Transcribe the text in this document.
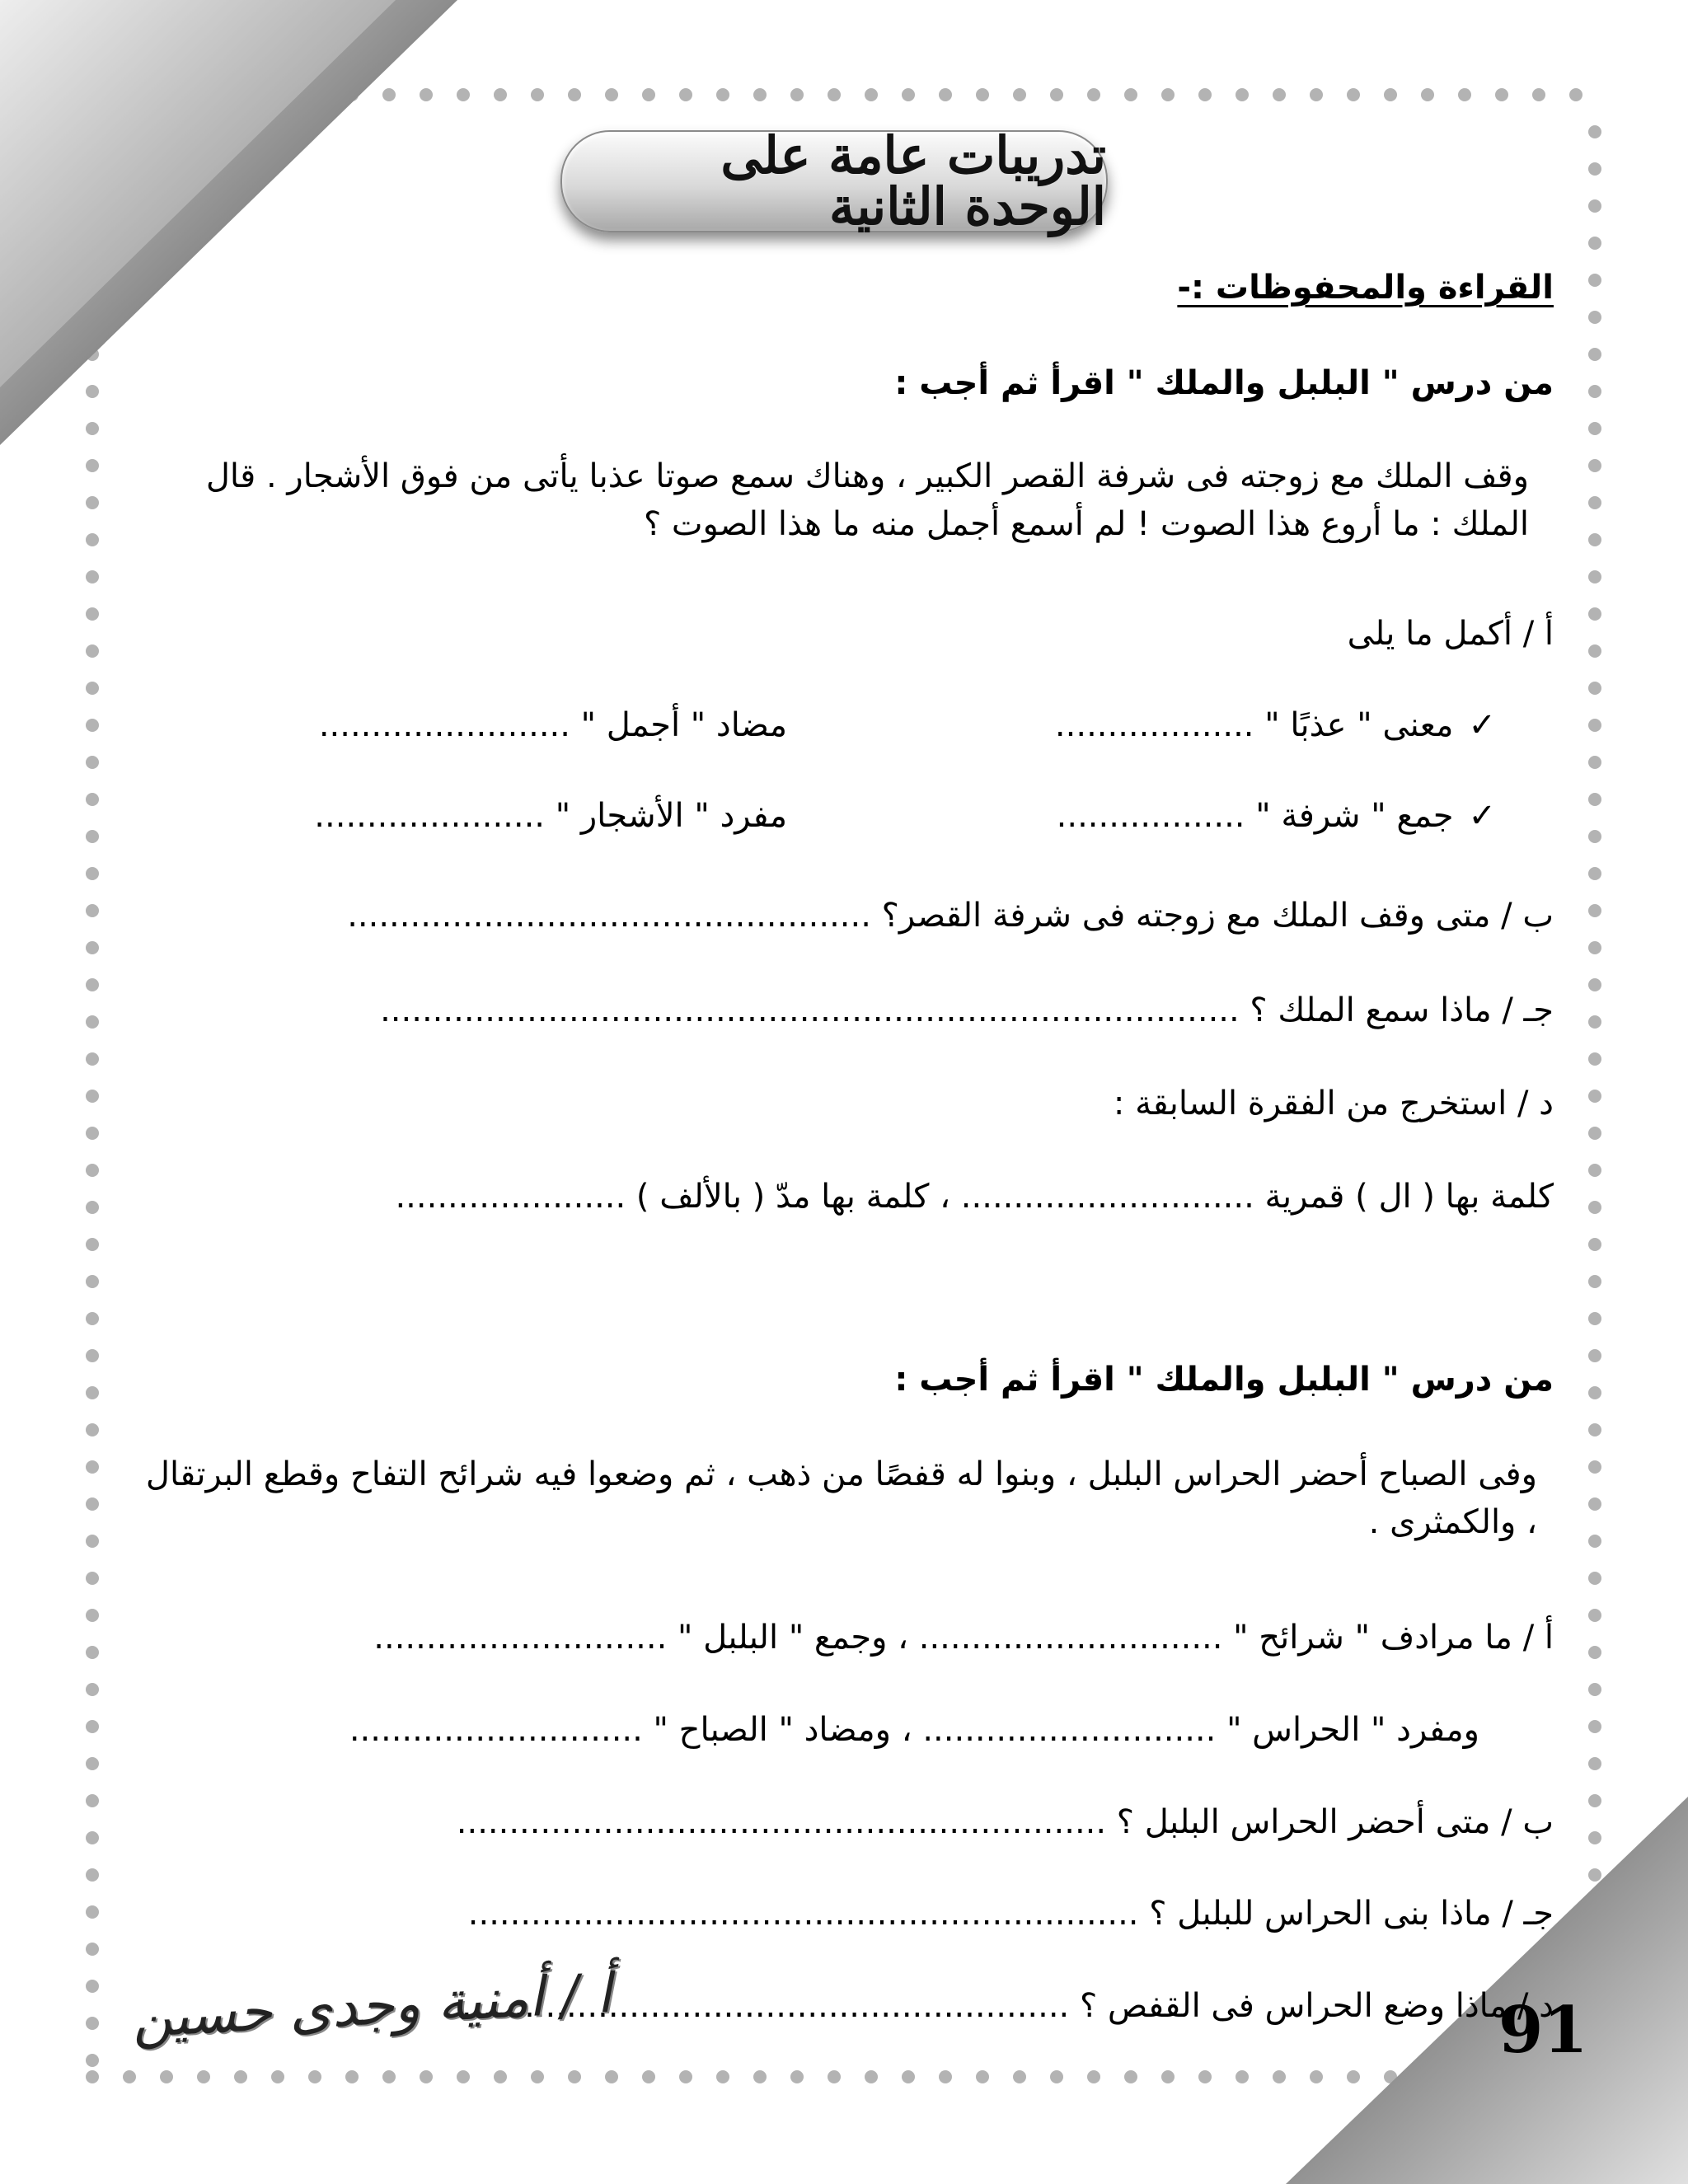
تدريبات عامة على الوحدة الثانية
القراءة والمحفوظات :-
من درس " البلبل والملك " اقرأ ثم أجب :
وقف الملك مع زوجته فى شرفة القصر الكبير ، وهناك سمع صوتا عذبا يأتى من فوق الأشجار . قال الملك : ما أروع هذا الصوت ! لم أسمع أجمل منه ما هذا الصوت ؟
أ / أكمل ما يلى
✓معنى " عذبًا " ...................
مضاد " أجمل " ........................
✓جمع " شرفة " ..................
مفرد " الأشجار " ......................
ب / متى وقف الملك مع زوجته فى شرفة القصر؟ ..................................................
جـ / ماذا سمع الملك ؟ ..................................................................................
د / استخرج من الفقرة السابقة :
كلمة بها ( ال ) قمرية ............................ ، كلمة بها مدّ ( بالألف ) ......................
من درس " البلبل والملك " اقرأ ثم أجب :
وفى الصباح أحضر الحراس البلبل ، وبنوا له قفصًا من ذهب ، ثم وضعوا فيه شرائح التفاح وقطع البرتقال ، والكمثرى .
أ / ما مرادف " شرائح " ............................. ، وجمع " البلبل " ............................
ومفرد " الحراس " ............................ ، ومضاد " الصباح " ............................
ب / متى أحضر الحراس البلبل ؟ ..............................................................
جـ / ماذا بنى الحراس للبلبل ؟ ................................................................
د / ماذا وضع الحراس فى القفص ؟ ..........................................................
91
أ / أمنية وجدى حسين
